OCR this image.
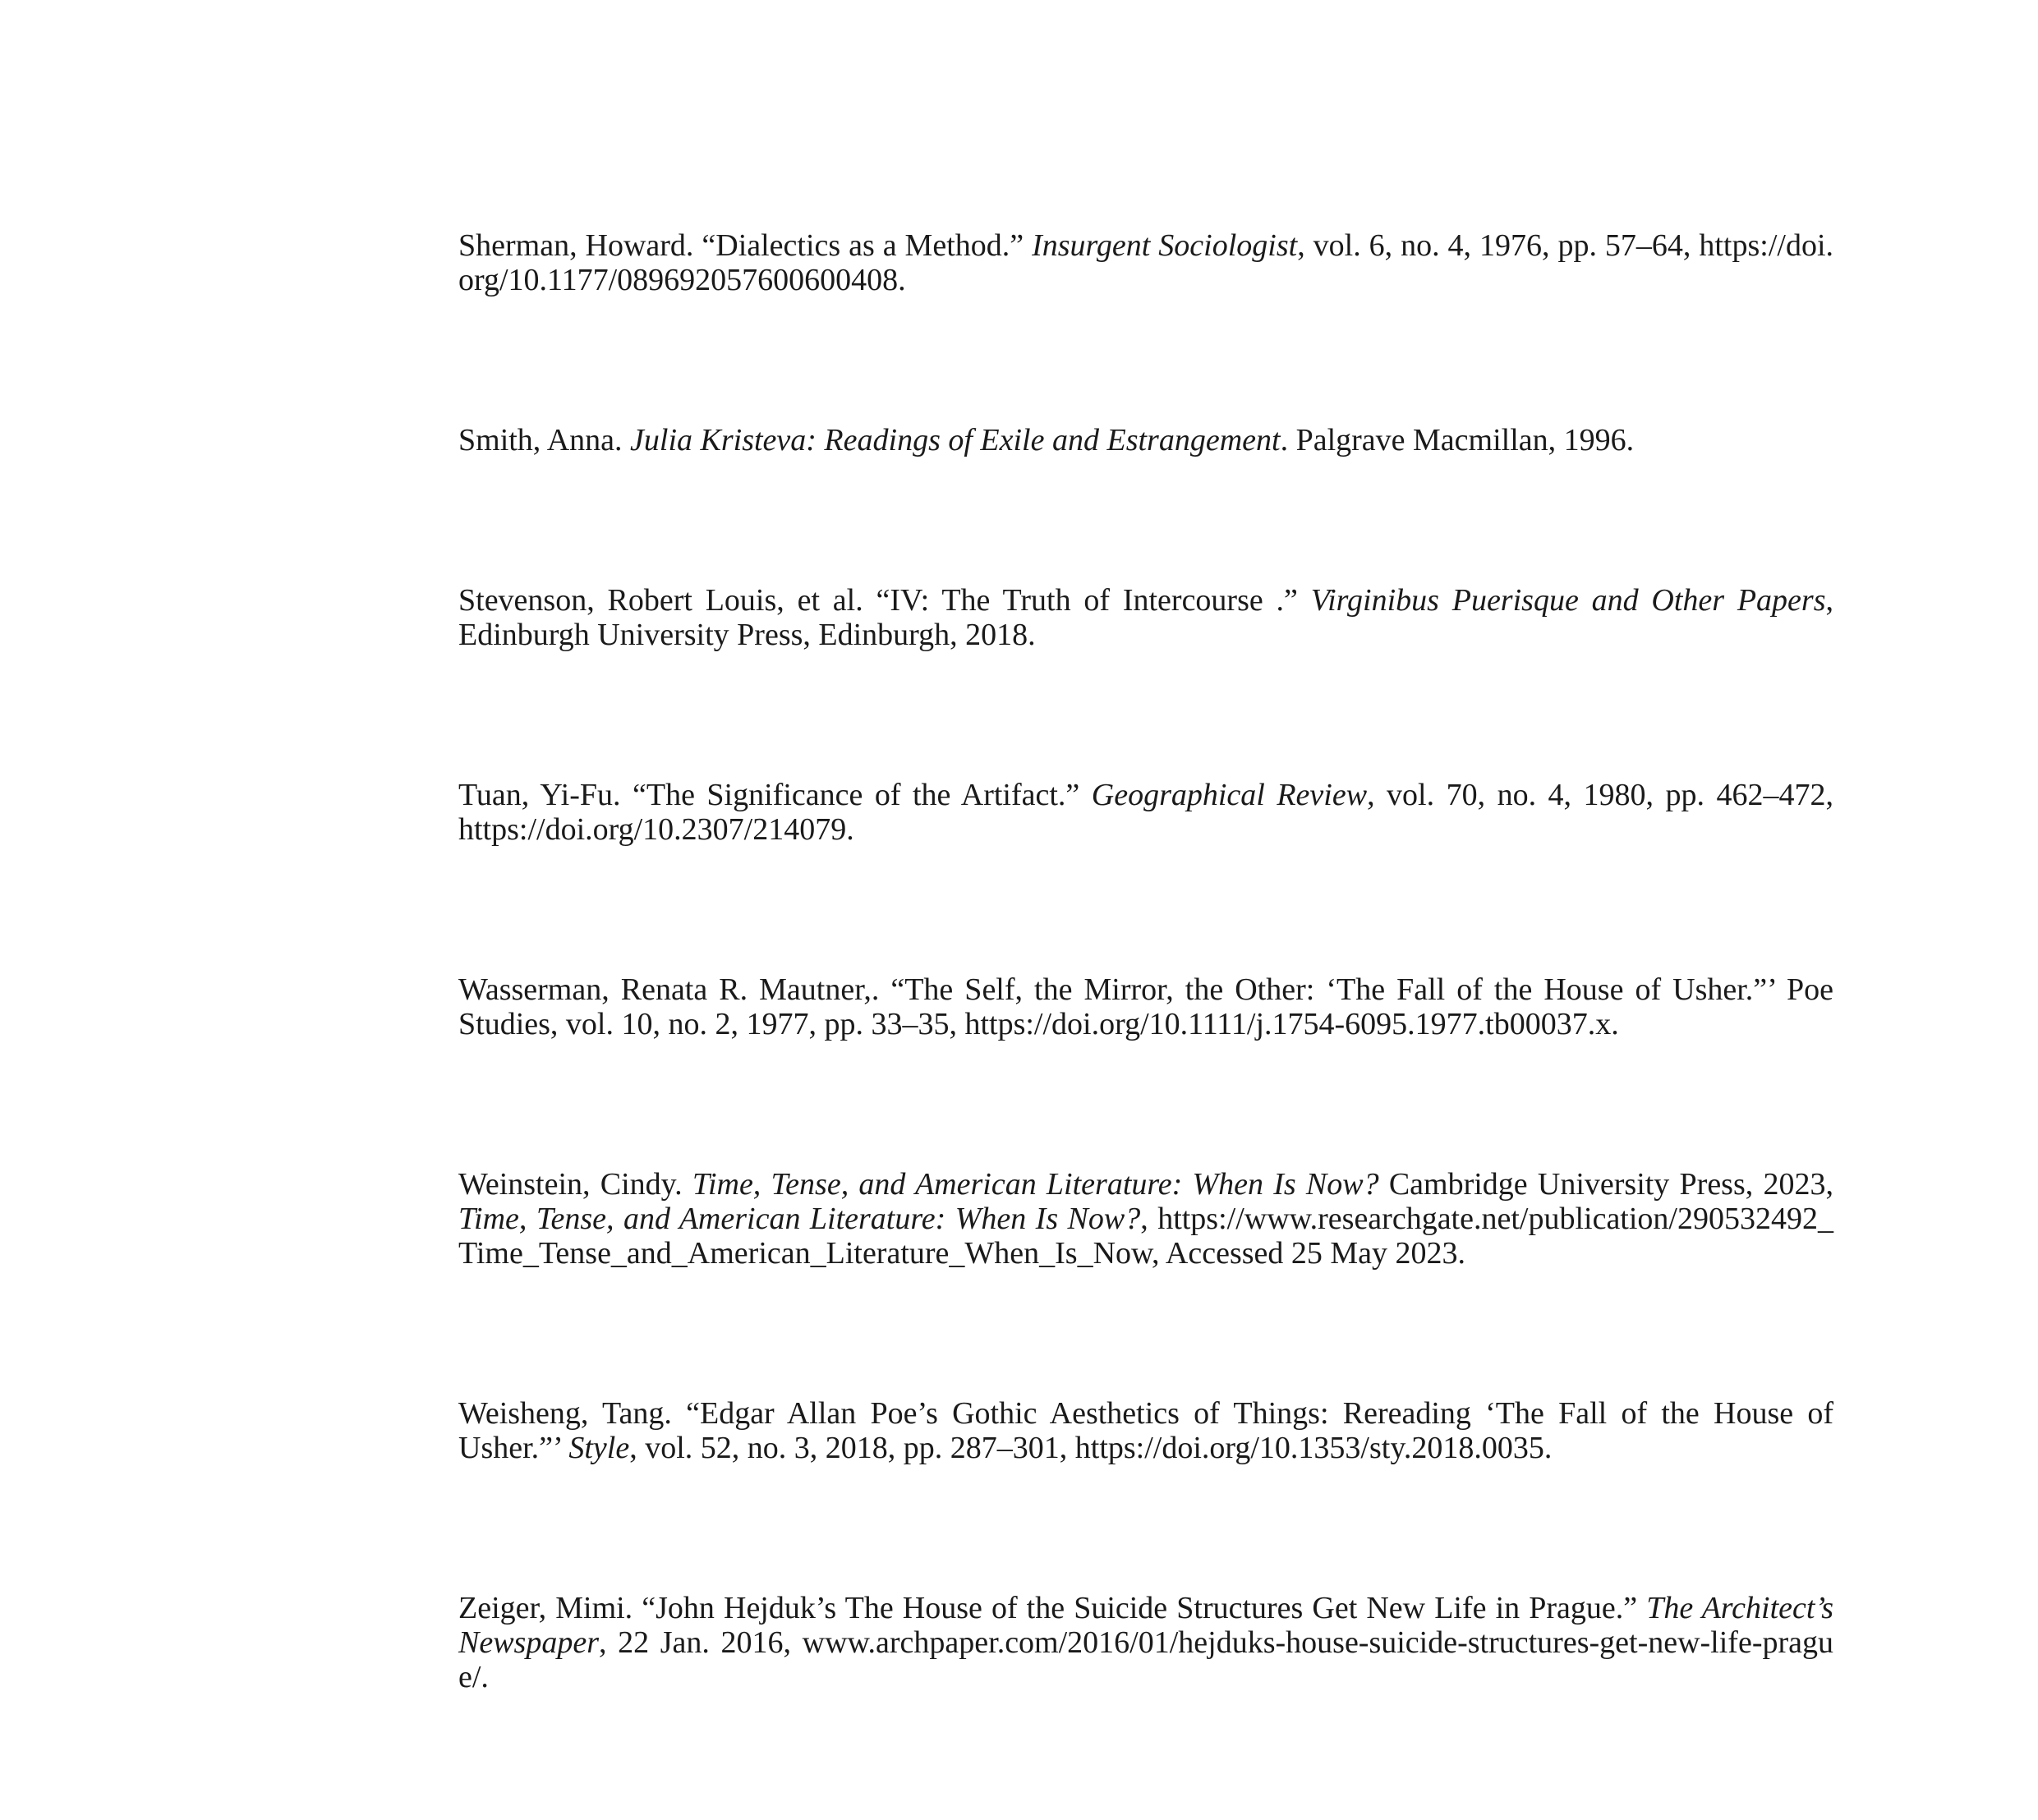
Sherman, Howard. “Dialectics as a Method.” Insurgent Sociologist, vol. 6, no. 4, 1976, pp. 57–64, https://doi.org/10.1177/089692057600600408.

Smith, Anna. Julia Kristeva: Readings of Exile and Estrangement. Palgrave Macmillan, 1996.

Stevenson, Robert Louis, et al. “IV: The Truth of Intercourse .” Virginibus Puerisque and Other Papers, Edinburgh University Press, Edinburgh, 2018.

Tuan, Yi-Fu. “The Significance of the Artifact.” Geographical Review, vol. 70, no. 4, 1980, pp. 462–472, https://doi.org/10.2307/214079.

Wasserman, Renata R. Mautner,. “The Self, the Mirror, the Other: ‘The Fall of the House of Usher.”’ Poe Studies, vol. 10, no. 2, 1977, pp. 33–35, https://doi.org/10.1111/j.1754-6095.1977.tb00037.x.

Weinstein, Cindy. Time, Tense, and American Literature: When Is Now? Cambridge University Press, 2023, Time, Tense, and American Literature: When Is Now?, https://www.researchgate.net/publication/290532492_Time_Tense_and_American_Literature_When_Is_Now, Accessed 25 May 2023.

Weisheng, Tang. “Edgar Allan Poe’s Gothic Aesthetics of Things: Rereading ‘The Fall of the House of Usher.”’ Style, vol. 52, no. 3, 2018, pp. 287–301, https://doi.org/10.1353/sty.2018.0035.

Zeiger, Mimi. “John Hejduk’s The House of the Suicide Structures Get New Life in Prague.” The Architect’s Newspaper, 22 Jan. 2016, www.archpaper.com/2016/01/hejduks-house-suicide-structures-get-new-life-prague/.
